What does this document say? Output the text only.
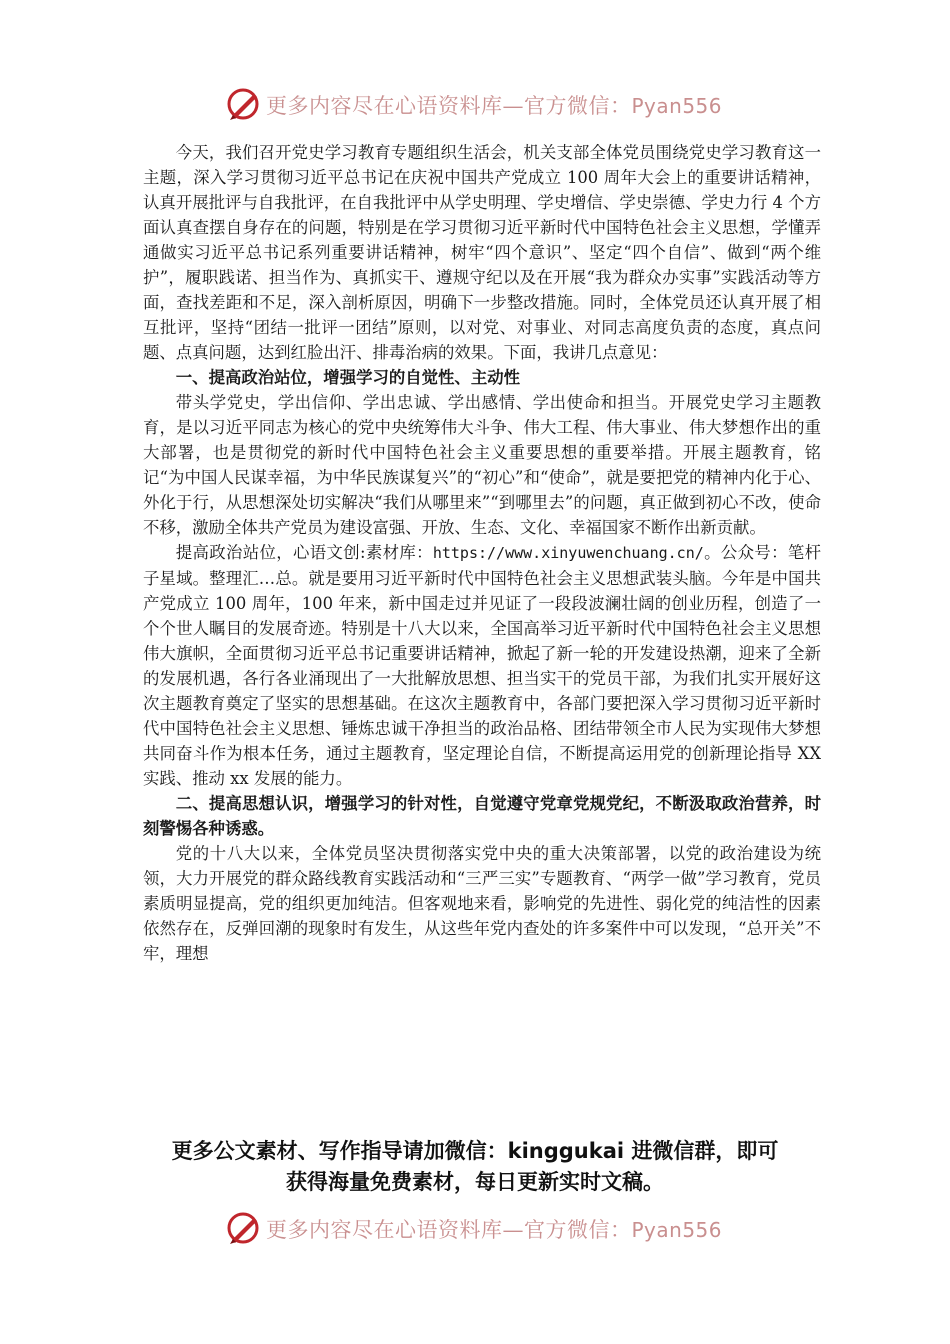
更多内容尽在心语资料库—官方微信：Pyan556

今天，我们召开党史学习教育专题组织生活会，机关支部全体党员围绕党史学习教育这一主题，深入学习贯彻习近平总书记在庆祝中国共产党成立 100 周年大会上的重要讲话精神，认真开展批评与自我批评，在自我批评中从学史明理、学史增信、学史崇德、学史力行 4 个方面认真查摆自身存在的问题，特别是在学习贯彻习近平新时代中国特色社会主义思想，学懂弄通做实习近平总书记系列重要讲话精神，树牢“四个意识”、坚定“四个自信”、做到“两个维护”，履职践诺、担当作为、真抓实干、遵规守纪以及在开展“我为群众办实事”实践活动等方面，查找差距和不足，深入剖析原因，明确下一步整改措施。同时，全体党员还认真开展了相互批评，坚持“团结一批评一团结”原则，以对党、对事业、对同志高度负责的态度，真点问题、点真问题，达到红脸出汗、排毒治病的效果。下面，我讲几点意见：

一、提高政治站位，增强学习的自觉性、主动性

带头学党史，学出信仰、学出忠诚、学出感情、学出使命和担当。开展党史学习主题教育，是以习近平同志为核心的党中央统筹伟大斗争、伟大工程、伟大事业、伟大梦想作出的重大部署，也是贯彻党的新时代中国特色社会主义重要思想的重要举措。开展主题教育，铭记“为中国人民谋幸福，为中华民族谋复兴”的“初心”和“使命”，就是要把党的精神内化于心、外化于行，从思想深处切实解决“我们从哪里来”“到哪里去”的问题，真正做到初心不改，使命不移，激励全体共产党员为建设富强、开放、生态、文化、幸福国家不断作出新贡献。

提高政治站位，心语文创:素材库：https://www.xinyuwenchuang.cn/。公众号：笔杆子星域。整理汇…总。就是要用习近平新时代中国特色社会主义思想武装头脑。今年是中国共产党成立 100 周年，100 年来，新中国走过并见证了一段段波澜壮阔的创业历程，创造了一个个世人瞩目的发展奇迹。特别是十八大以来，全国高举习近平新时代中国特色社会主义思想伟大旗帜，全面贯彻习近平总书记重要讲话精神，掀起了新一轮的开发建设热潮，迎来了全新的发展机遇，各行各业涌现出了一大批解放思想、担当实干的党员干部，为我们扎实开展好这次主题教育奠定了坚实的思想基础。在这次主题教育中，各部门要把深入学习贯彻习近平新时代中国特色社会主义思想、锤炼忠诚干净担当的政治品格、团结带领全市人民为实现伟大梦想共同奋斗作为根本任务，通过主题教育，坚定理论自信，不断提高运用党的创新理论指导 XX 实践、推动 xx 发展的能力。

二、提高思想认识，增强学习的针对性，自觉遵守党章党规党纪，不断汲取政治营养，时刻警惕各种诱惑。

党的十八大以来，全体党员坚决贯彻落实党中央的重大决策部署，以党的政治建设为统领，大力开展党的群众路线教育实践活动和“三严三实”专题教育、“两学一做”学习教育，党员素质明显提高，党的组织更加纯洁。但客观地来看，影响党的先进性、弱化党的纯洁性的因素依然存在，反弹回潮的现象时有发生，从这些年党内查处的许多案件中可以发现，“总开关”不牢，理想

更多公文素材、写作指导请加微信：kinggukai 进微信群，即可
获得海量免费素材，每日更新实时文稿。
更多内容尽在心语资料库—官方微信：Pyan556
